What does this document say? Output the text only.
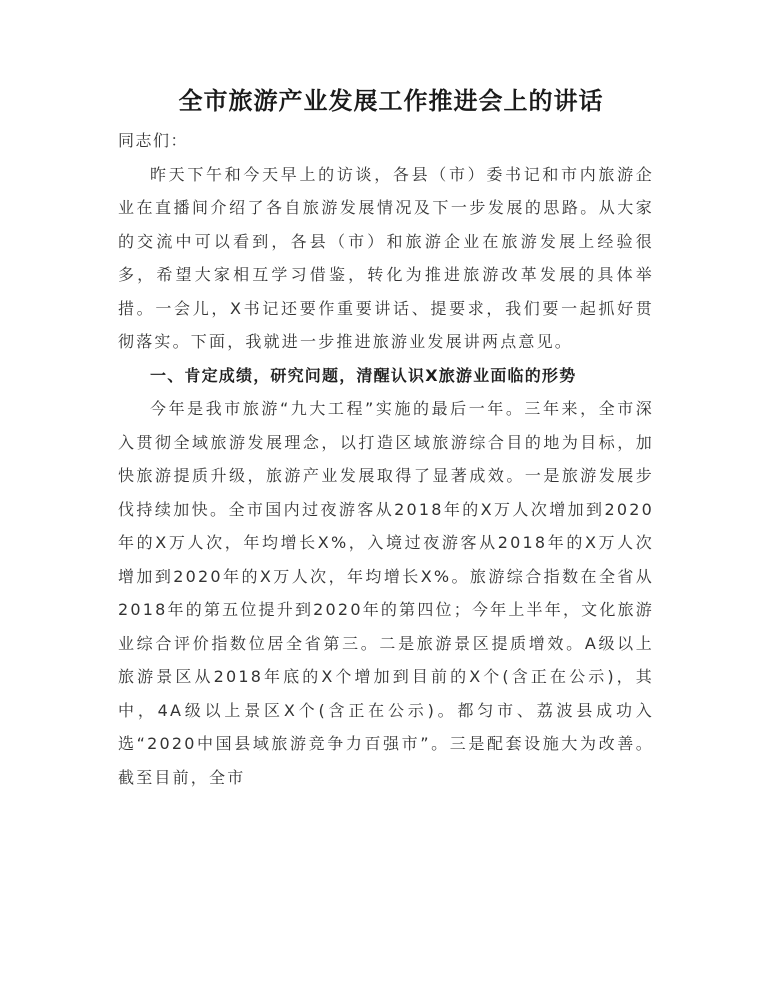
全市旅游产业发展工作推进会上的讲话

同志们：

昨天下午和今天早上的访谈，各县（市）委书记和市内旅游企业在直播间介绍了各自旅游发展情况及下一步发展的思路。从大家的交流中可以看到，各县（市）和旅游企业在旅游发展上经验很多，希望大家相互学习借鉴，转化为推进旅游改革发展的具体举措。一会儿，X书记还要作重要讲话、提要求，我们要一起抓好贯彻落实。下面，我就进一步推进旅游业发展讲两点意见。

一、肯定成绩，研究问题，清醒认识X旅游业面临的形势

今年是我市旅游“九大工程”实施的最后一年。三年来，全市深入贯彻全域旅游发展理念，以打造区域旅游综合目的地为目标，加快旅游提质升级，旅游产业发展取得了显著成效。一是旅游发展步伐持续加快。全市国内过夜游客从2018年的X万人次增加到2020年的X万人次，年均增长X%，入境过夜游客从2018年的X万人次增加到2020年的X万人次，年均增长X%。旅游综合指数在全省从2018年的第五位提升到2020年的第四位；今年上半年，文化旅游业综合评价指数位居全省第三。二是旅游景区提质增效。A级以上旅游景区从2018年底的X个增加到目前的X个(含正在公示)，其中，4A级以上景区X个(含正在公示)。都匀市、荔波县成功入选“2020中国县域旅游竞争力百强市”。三是配套设施大为改善。截至目前，全市
